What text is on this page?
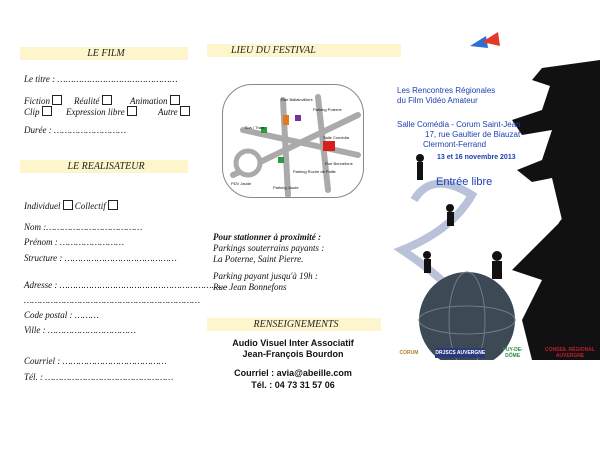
LE FILM
Le titre : ………………………………………
Fiction	Réalité	Animation
Clip	Expression libre	Autre
Durée : ………………………
LE REALISATEUR
Individuel Collectif
Nom :………………………………
Prénom : ……………………
Structure : ……………………………………
Adresse : ………………………………………………………
…………………………………………………………
Code postal : ………
Ville : ……………………………
Courriel : …………………………………
Tél. : …………………………………………
LIEU DU FESTIVAL
Rue Ballainvilliers
Salle Comédia
Bus / Tram
Parking Poterne
Parking Roche de Paille
PDV Jaude
Parking Jaude
Rue Bonnefons
Pour stationner à proximité :
Parkings souterrains payants :
La Poterne, Saint Pierre.
Parking payant jusqu'à 19h :
Rue Jean Bonnefons
RENSEIGNEMENTS
Audio Visuel Inter Associatif
Jean-François Bourdon
Courriel : avia@abeille.com
Tél. : 04 73 31 57 06
Les Rencontres Régionales
du Film Vidéo Amateur
Salle Comédia - Corum Saint-Jean
17, rue Gaultier de Biauzat
Clermont-Ferrand
13 et 16 novembre 2013
Entrée libre
CORUM	DRJSCS AUVERGNE	PUY-DE-DÔME
CONSEIL RÉGIONAL AUVERGNE
